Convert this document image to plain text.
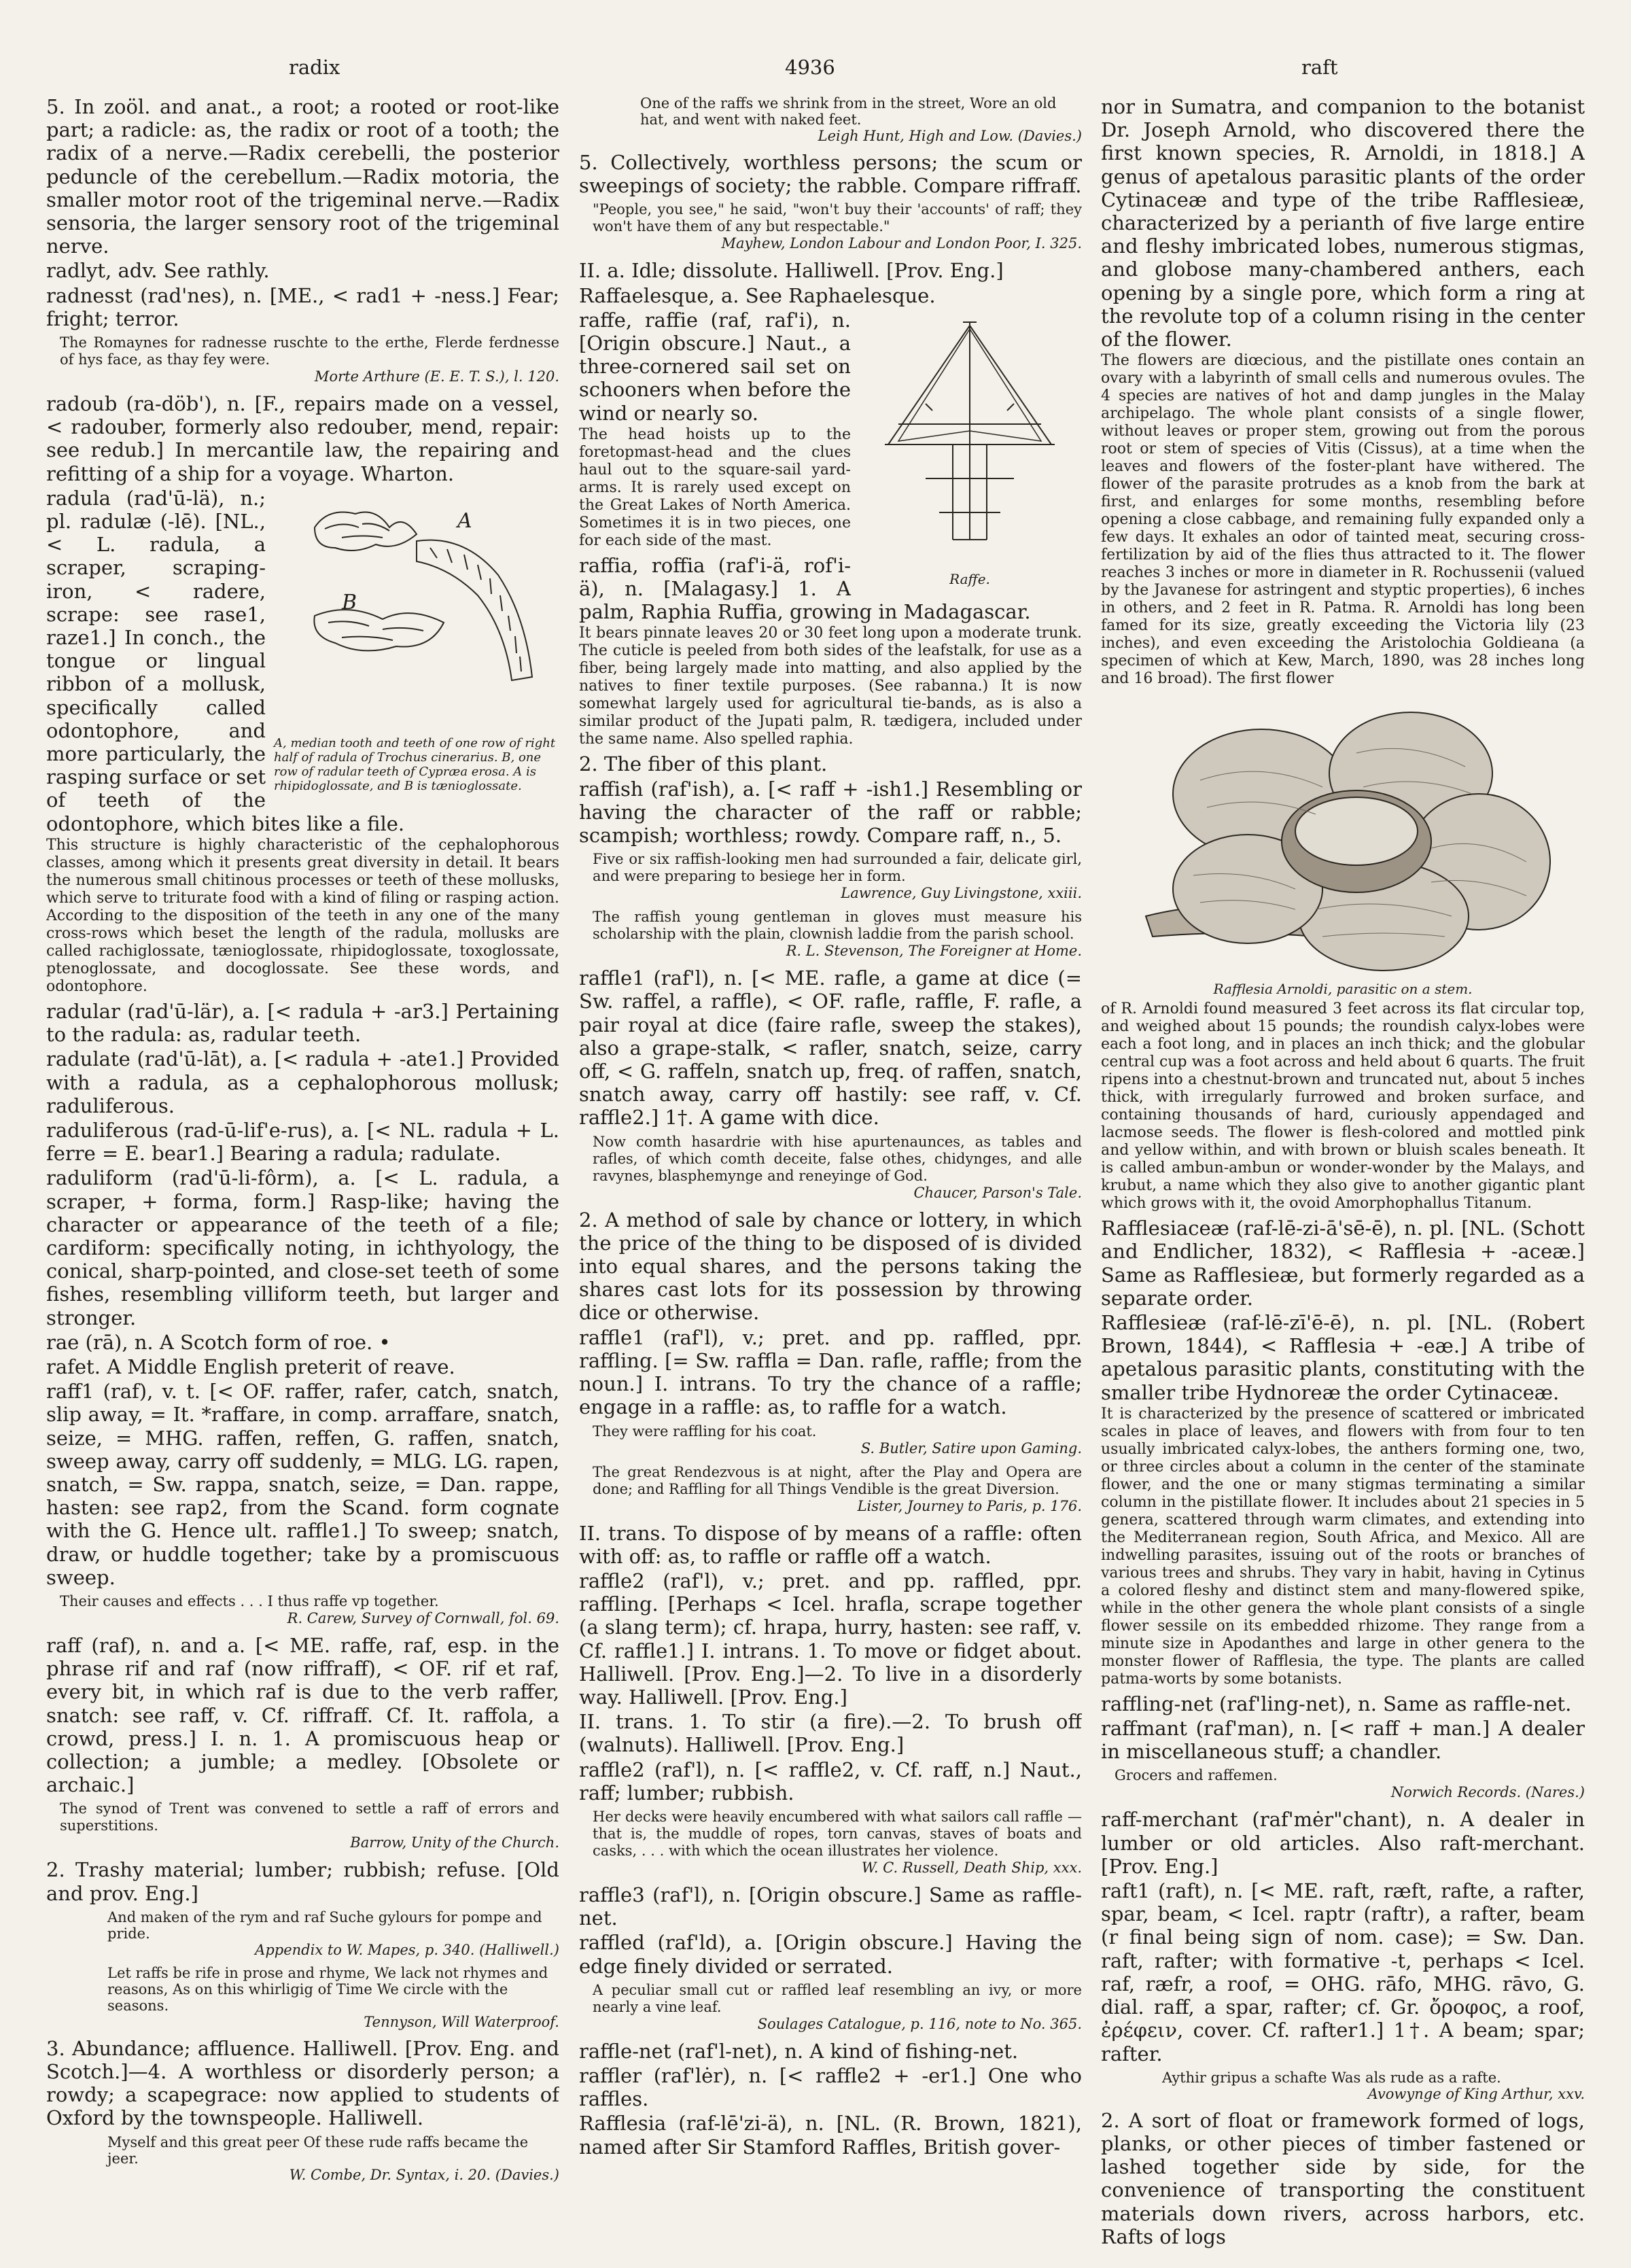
radix	4936	raft

5. In zoöl. and anat., a root; a rooted or root-like part; a radicle: as, the radix or root of a tooth; the radix of a nerve.—Radix cerebelli, the posterior peduncle of the cerebellum.—Radix motoria, the smaller motor root of the trigeminal nerve.—Radix sensoria, the larger sensory root of the trigeminal nerve.

radlyt, adv. See rathly.

radnesst (rad'nes), n. [ME., < rad1 + -ness.] Fear; fright; terror.

The Romaynes for radnesse ruschte to the erthe, Flerde ferdnesse of hys face, as thay fey were.
Morte Arthure (E. E. T. S.), l. 120.

radoub (ra-döb'), n. [F., repairs made on a vessel, < radouber, formerly also redouber, mend, repair: see redub.] In mercantile law, the repairing and refitting of a ship for a voyage. Wharton.

A
B
A, median tooth and teeth of one row of right half of radula of Trochus cinerarius. B, one row of radular teeth of Cypræa erosa. A is rhipidoglossate, and B is tænioglossate.

radula (rad'ū-lä), n.; pl. radulæ (-lē). [NL., < L. radula, a scraper, scraping-iron, < radere, scrape: see rase1, raze1.] In conch., the tongue or lingual ribbon of a mollusk, specifically called odontophore, and more particularly, the rasping surface or set of teeth of the odontophore, which bites like a file.

This structure is highly characteristic of the cephalophorous classes, among which it presents great diversity in detail. It bears the numerous small chitinous processes or teeth of these mollusks, which serve to triturate food with a kind of filing or rasping action. According to the disposition of the teeth in any one of the many cross-rows which beset the length of the radula, mollusks are called rachiglossate, tænioglossate, rhipidoglossate, toxoglossate, ptenoglossate, and docoglossate. See these words, and odontophore.

radular (rad'ū-lär), a. [< radula + -ar3.] Pertaining to the radula: as, radular teeth.

radulate (rad'ū-lāt), a. [< radula + -ate1.] Provided with a radula, as a cephalophorous mollusk; raduliferous.

raduliferous (rad-ū-lif'e-rus), a. [< NL. radula + L. ferre = E. bear1.] Bearing a radula; radulate.

raduliform (rad'ū-li-fôrm), a. [< L. radula, a scraper, + forma, form.] Rasp-like; having the character or appearance of the teeth of a file; cardiform: specifically noting, in ichthyology, the conical, sharp-pointed, and close-set teeth of some fishes, resembling villiform teeth, but larger and stronger.

rae (rā), n. A Scotch form of roe. •

rafet. A Middle English preterit of reave.

raff1 (raf), v. t. [< OF. raffer, rafer, catch, snatch, slip away, = It. *raffare, in comp. arraffare, snatch, seize, = MHG. raffen, reffen, G. raffen, snatch, sweep away, carry off suddenly, = MLG. LG. rapen, snatch, = Sw. rappa, snatch, seize, = Dan. rappe, hasten: see rap2, from the Scand. form cognate with the G. Hence ult. raffle1.] To sweep; snatch, draw, or huddle together; take by a promiscuous sweep.

Their causes and effects . . . I thus raffe vp together.
R. Carew, Survey of Cornwall, fol. 69.

raff (raf), n. and a. [< ME. raffe, raf, esp. in the phrase rif and raf (now riffraff), < OF. rif et raf, every bit, in which raf is due to the verb raffer, snatch: see raff, v. Cf. riffraff. Cf. It. raffola, a crowd, press.] I. n. 1. A promiscuous heap or collection; a jumble; a medley. [Obsolete or archaic.]

The synod of Trent was convened to settle a raff of errors and superstitions.
Barrow, Unity of the Church.

2. Trashy material; lumber; rubbish; refuse. [Old and prov. Eng.]

And maken of the rym and raf Suche gylours for pompe and pride.
Appendix to W. Mapes, p. 340. (Halliwell.)
Let raffs be rife in prose and rhyme, We lack not rhymes and reasons, As on this whirligig of Time We circle with the seasons.
Tennyson, Will Waterproof.

3. Abundance; affluence. Halliwell. [Prov. Eng. and Scotch.]—4. A worthless or disorderly person; a rowdy; a scapegrace: now applied to students of Oxford by the townspeople. Halliwell.

Myself and this great peer Of these rude raffs became the jeer.
W. Combe, Dr. Syntax, i. 20. (Davies.)
One of the raffs we shrink from in the street, Wore an old hat, and went with naked feet.
Leigh Hunt, High and Low. (Davies.)

5. Collectively, worthless persons; the scum or sweepings of society; the rabble. Compare riffraff.

"People, you see," he said, "won't buy their 'accounts' of raff; they won't have them of any but respectable."
Mayhew, London Labour and London Poor, I. 325.

II. a. Idle; dissolute. Halliwell. [Prov. Eng.]

Raffaelesque, a. See Raphaelesque.

Raffe.

raffe, raffie (raf, raf'i), n. [Origin obscure.] Naut., a three-cornered sail set on schooners when before the wind or nearly so.

The head hoists up to the foretopmast-head and the clues haul out to the square-sail yard-arms. It is rarely used except on the Great Lakes of North America. Sometimes it is in two pieces, one for each side of the mast.

raffia, roffia (raf'i-ä, rof'i-ä), n. [Malagasy.] 1. A palm, Raphia Ruffia, growing in Madagascar.

It bears pinnate leaves 20 or 30 feet long upon a moderate trunk. The cuticle is peeled from both sides of the leafstalk, for use as a fiber, being largely made into matting, and also applied by the natives to finer textile purposes. (See rabanna.) It is now somewhat largely used for agricultural tie-bands, as is also a similar product of the Jupati palm, R. tædigera, included under the same name. Also spelled raphia.

2. The fiber of this plant.

raffish (raf'ish), a. [< raff + -ish1.] Resembling or having the character of the raff or rabble; scampish; worthless; rowdy. Compare raff, n., 5.

Five or six raffish-looking men had surrounded a fair, delicate girl, and were preparing to besiege her in form.
Lawrence, Guy Livingstone, xxiii.
The raffish young gentleman in gloves must measure his scholarship with the plain, clownish laddie from the parish school.
R. L. Stevenson, The Foreigner at Home.

raffle1 (raf'l), n. [< ME. rafle, a game at dice (= Sw. raffel, a raffle), < OF. rafle, raffle, F. rafle, a pair royal at dice (faire rafle, sweep the stakes), also a grape-stalk, < rafler, snatch, seize, carry off, < G. raffeln, snatch up, freq. of raffen, snatch, snatch away, carry off hastily: see raff, v. Cf. raffle2.] 1†. A game with dice.

Now comth hasardrie with hise apurtenaunces, as tables and rafles, of which comth deceite, false othes, chidynges, and alle ravynes, blasphemynge and reneyinge of God.
Chaucer, Parson's Tale.

2. A method of sale by chance or lottery, in which the price of the thing to be disposed of is divided into equal shares, and the persons taking the shares cast lots for its possession by throwing dice or otherwise.

raffle1 (raf'l), v.; pret. and pp. raffled, ppr. raffling. [= Sw. raffla = Dan. rafle, raffle; from the noun.] I. intrans. To try the chance of a raffle; engage in a raffle: as, to raffle for a watch.

They were raffling for his coat.
S. Butler, Satire upon Gaming.
The great Rendezvous is at night, after the Play and Opera are done; and Raffling for all Things Vendible is the great Diversion.
Lister, Journey to Paris, p. 176.

II. trans. To dispose of by means of a raffle: often with off: as, to raffle or raffle off a watch.

raffle2 (raf'l), v.; pret. and pp. raffled, ppr. raffling. [Perhaps < Icel. hrafla, scrape together (a slang term); cf. hrapa, hurry, hasten: see raff, v. Cf. raffle1.] I. intrans. 1. To move or fidget about. Halliwell. [Prov. Eng.]—2. To live in a disorderly way. Halliwell. [Prov. Eng.]

II. trans. 1. To stir (a fire).—2. To brush off (walnuts). Halliwell. [Prov. Eng.]

raffle2 (raf'l), n. [< raffle2, v. Cf. raff, n.] Naut., raff; lumber; rubbish.

Her decks were heavily encumbered with what sailors call raffle — that is, the muddle of ropes, torn canvas, staves of boats and casks, . . . with which the ocean illustrates her violence.
W. C. Russell, Death Ship, xxx.

raffle3 (raf'l), n. [Origin obscure.] Same as raffle-net.

raffled (raf'ld), a. [Origin obscure.] Having the edge finely divided or serrated.

A peculiar small cut or raffled leaf resembling an ivy, or more nearly a vine leaf.
Soulages Catalogue, p. 116, note to No. 365.

raffle-net (raf'l-net), n. A kind of fishing-net.

raffler (raf'lėr), n. [< raffle2 + -er1.] One who raffles.

Rafflesia (raf-lē'zi-ä), n. [NL. (R. Brown, 1821), named after Sir Stamford Raffles, British gover-

nor in Sumatra, and companion to the botanist Dr. Joseph Arnold, who discovered there the first known species, R. Arnoldi, in 1818.] A genus of apetalous parasitic plants of the order Cytinaceæ and type of the tribe Rafflesieæ, characterized by a perianth of five large entire and fleshy imbricated lobes, numerous stigmas, and globose many-chambered anthers, each opening by a single pore, which form a ring at the revolute top of a column rising in the center of the flower.

The flowers are diœcious, and the pistillate ones contain an ovary with a labyrinth of small cells and numerous ovules. The 4 species are natives of hot and damp jungles in the Malay archipelago. The whole plant consists of a single flower, without leaves or proper stem, growing out from the porous root or stem of species of Vitis (Cissus), at a time when the leaves and flowers of the foster-plant have withered. The flower of the parasite protrudes as a knob from the bark at first, and enlarges for some months, resembling before opening a close cabbage, and remaining fully expanded only a few days. It exhales an odor of tainted meat, securing cross-fertilization by aid of the flies thus attracted to it. The flower reaches 3 inches or more in diameter in R. Rochussenii (valued by the Javanese for astringent and styptic properties), 6 inches in others, and 2 feet in R. Patma. R. Arnoldi has long been famed for its size, greatly exceeding the Victoria lily (23 inches), and even exceeding the Aristolochia Goldieana (a specimen of which at Kew, March, 1890, was 28 inches long and 16 broad). The first flower

Rafflesia Arnoldi, parasitic on a stem.

of R. Arnoldi found measured 3 feet across its flat circular top, and weighed about 15 pounds; the roundish calyx-lobes were each a foot long, and in places an inch thick; and the globular central cup was a foot across and held about 6 quarts. The fruit ripens into a chestnut-brown and truncated nut, about 5 inches thick, with irregularly furrowed and broken surface, and containing thousands of hard, curiously appendaged and lacmose seeds. The flower is flesh-colored and mottled pink and yellow within, and with brown or bluish scales beneath. It is called ambun-ambun or wonder-wonder by the Malays, and krubut, a name which they also give to another gigantic plant which grows with it, the ovoid Amorphophallus Titanum.

Rafflesiaceæ (raf-lē-zi-ā'sē-ē), n. pl. [NL. (Schott and Endlicher, 1832), < Rafflesia + -aceæ.] Same as Rafflesieæ, but formerly regarded as a separate order.

Rafflesieæ (raf-lē-zī'ē-ē), n. pl. [NL. (Robert Brown, 1844), < Rafflesia + -eæ.] A tribe of apetalous parasitic plants, constituting with the smaller tribe Hydnoreæ the order Cytinaceæ.

It is characterized by the presence of scattered or imbricated scales in place of leaves, and flowers with from four to ten usually imbricated calyx-lobes, the anthers forming one, two, or three circles about a column in the center of the staminate flower, and the one or many stigmas terminating a similar column in the pistillate flower. It includes about 21 species in 5 genera, scattered through warm climates, and extending into the Mediterranean region, South Africa, and Mexico. All are indwelling parasites, issuing out of the roots or branches of various trees and shrubs. They vary in habit, having in Cytinus a colored fleshy and distinct stem and many-flowered spike, while in the other genera the whole plant consists of a single flower sessile on its embedded rhizome. They range from a minute size in Apodanthes and large in other genera to the monster flower of Rafflesia, the type. The plants are called patma-worts by some botanists.

raffling-net (raf'ling-net), n. Same as raffle-net.

raffmant (raf'man), n. [< raff + man.] A dealer in miscellaneous stuff; a chandler.

Grocers and raffemen.
Norwich Records. (Nares.)

raff-merchant (raf'mėr"chant), n. A dealer in lumber or old articles. Also raft-merchant. [Prov. Eng.]

raft1 (raft), n. [< ME. raft, ræft, rafte, a rafter, spar, beam, < Icel. raptr (raftr), a rafter, beam (r final being sign of nom. case); = Sw. Dan. raft, rafter; with formative -t, perhaps < Icel. raf, ræfr, a roof, = OHG. rāfo, MHG. rāvo, G. dial. raff, a spar, rafter; cf. Gr. ὄροφος, a roof, ἐρέφειν, cover. Cf. rafter1.] 1†. A beam; spar; rafter.

Aythir gripus a schafte Was als rude as a rafte.
Avowynge of King Arthur, xxv.

2. A sort of float or framework formed of logs, planks, or other pieces of timber fastened or lashed together side by side, for the convenience of transporting the constituent materials down rivers, across harbors, etc. Rafts of logs
